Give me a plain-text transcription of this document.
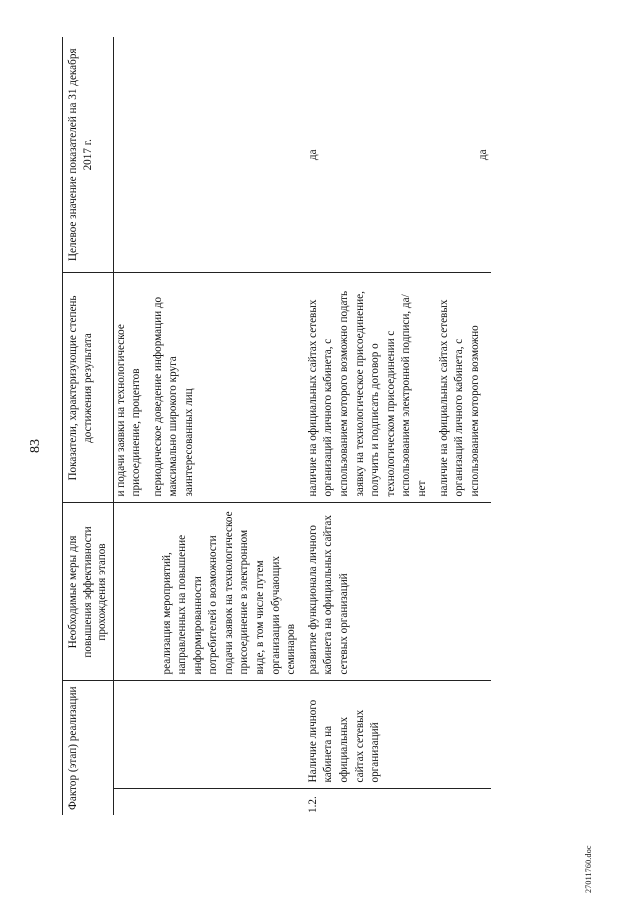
83
Фактор (этап) реализации		Необходимые меры для повышения эффективности прохождения этапов	Показатели, характеризующие степень достижения результата	Целевое значение показателей на 31 декабря 2017 г.

		реализация мероприятий, направленных на повышение информированности потребителей о возможности подачи заявок на технологическое присоединение в электронном виде, в том числе путем организации обучающих семинаров	и подачи заявки на технологическое присоединение, процентов периодическое доведение информации до максимально широкого круга заинтересованных лиц	

1.2.	Наличие личного кабинета на официальных сайтах сетевых организаций	развитие функционала личного кабинета на официальных сайтах сетевых организаций	наличие на официальных сайтах сетевых организаций личного кабинета, с использованием которого возможно подать заявку на технологическое присоединение, получить и подписать договор о технологическом присоединении с использованием электронной подписи, да/нет наличие на официальных сайтах сетевых организаций личного кабинета, с использованием которого возможно	да да
27011760.doc
